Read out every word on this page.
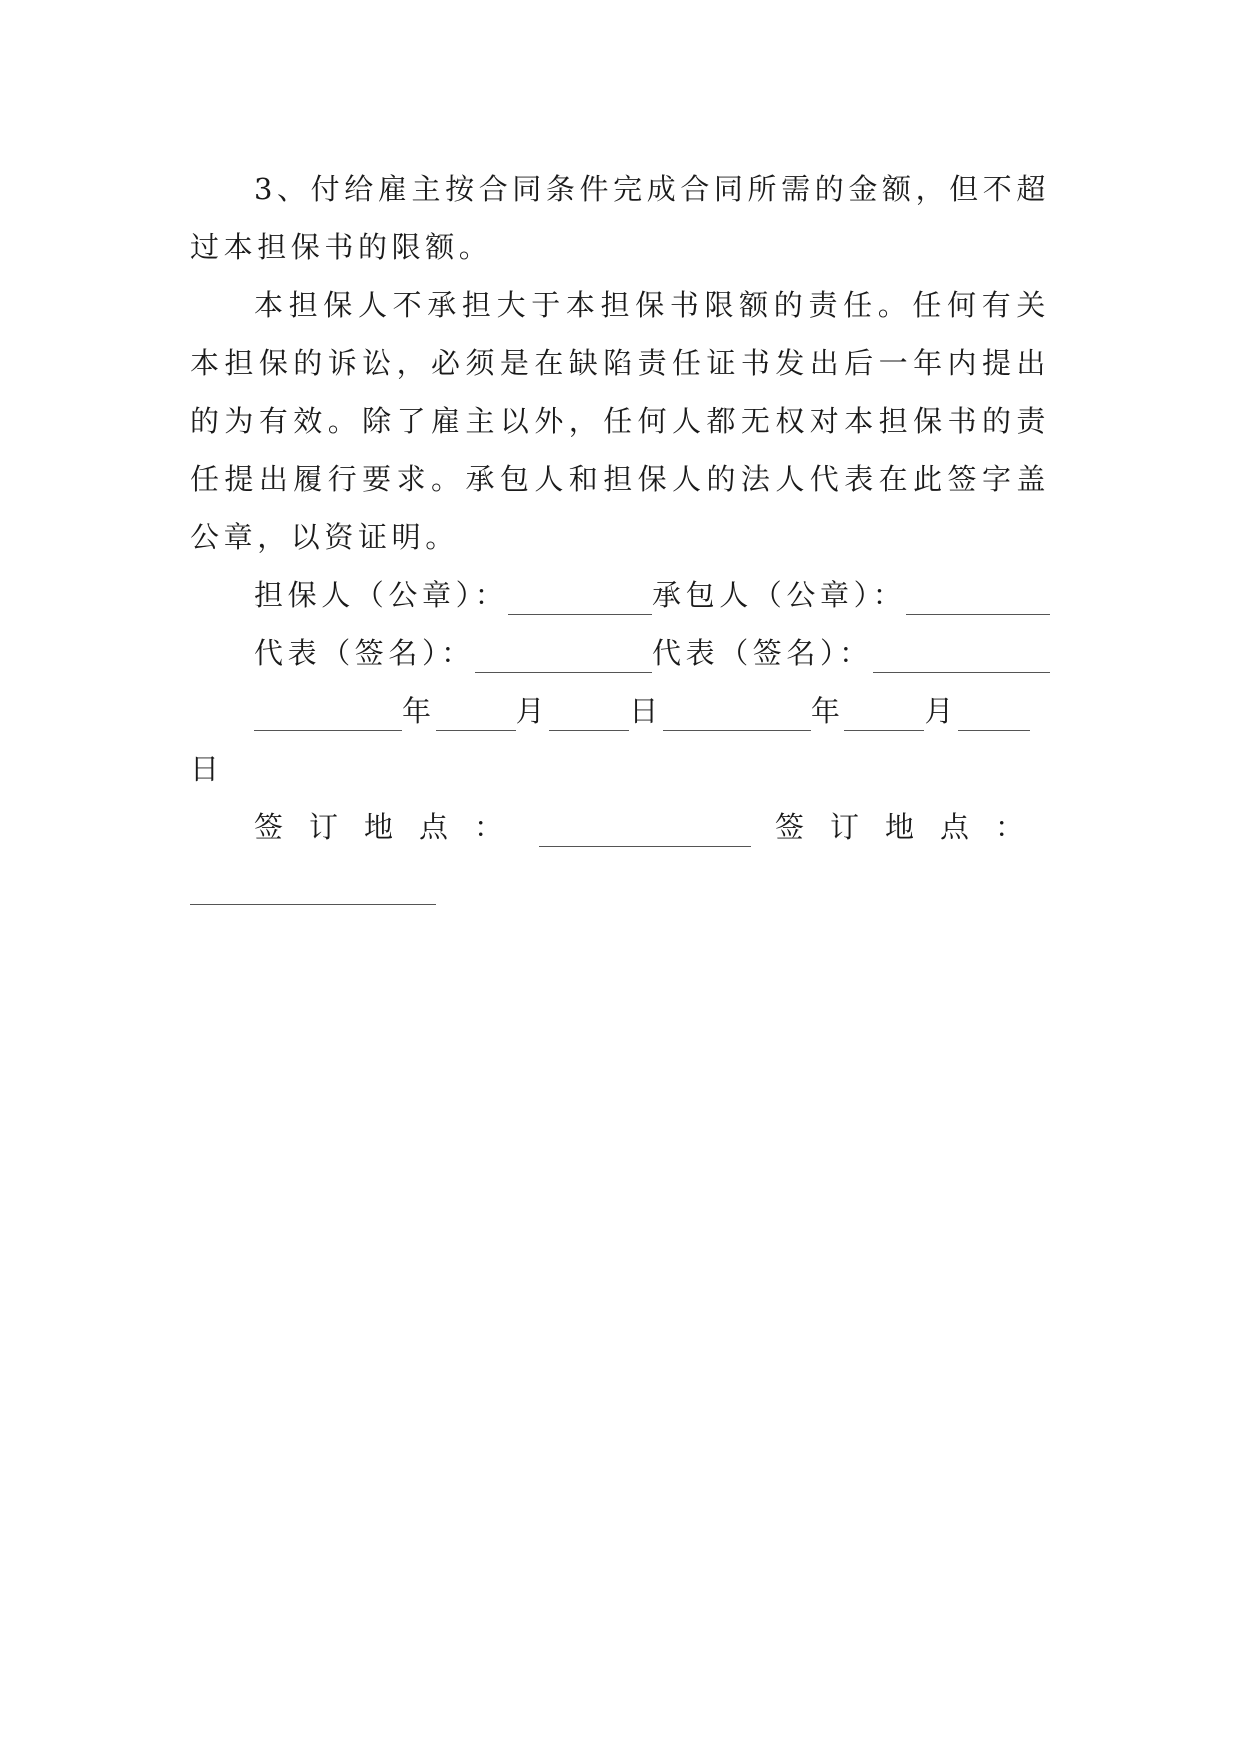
3、付给雇主按合同条件完成合同所需的金额，但不超过本担保书的限额。

本担保人不承担大于本担保书限额的责任。任何有关本担保的诉讼，必须是在缺陷责任证书发出后一年内提出的为有效。除了雇主以外，任何人都无权对本担保书的责任提出履行要求。承包人和担保人的法人代表在此签字盖公章，以资证明。

担保人（公章）：	承包人（公章）：
代表（签名）：	代表（签名）：
年	月	日	年	月
日
签订地点：	签订地点：
